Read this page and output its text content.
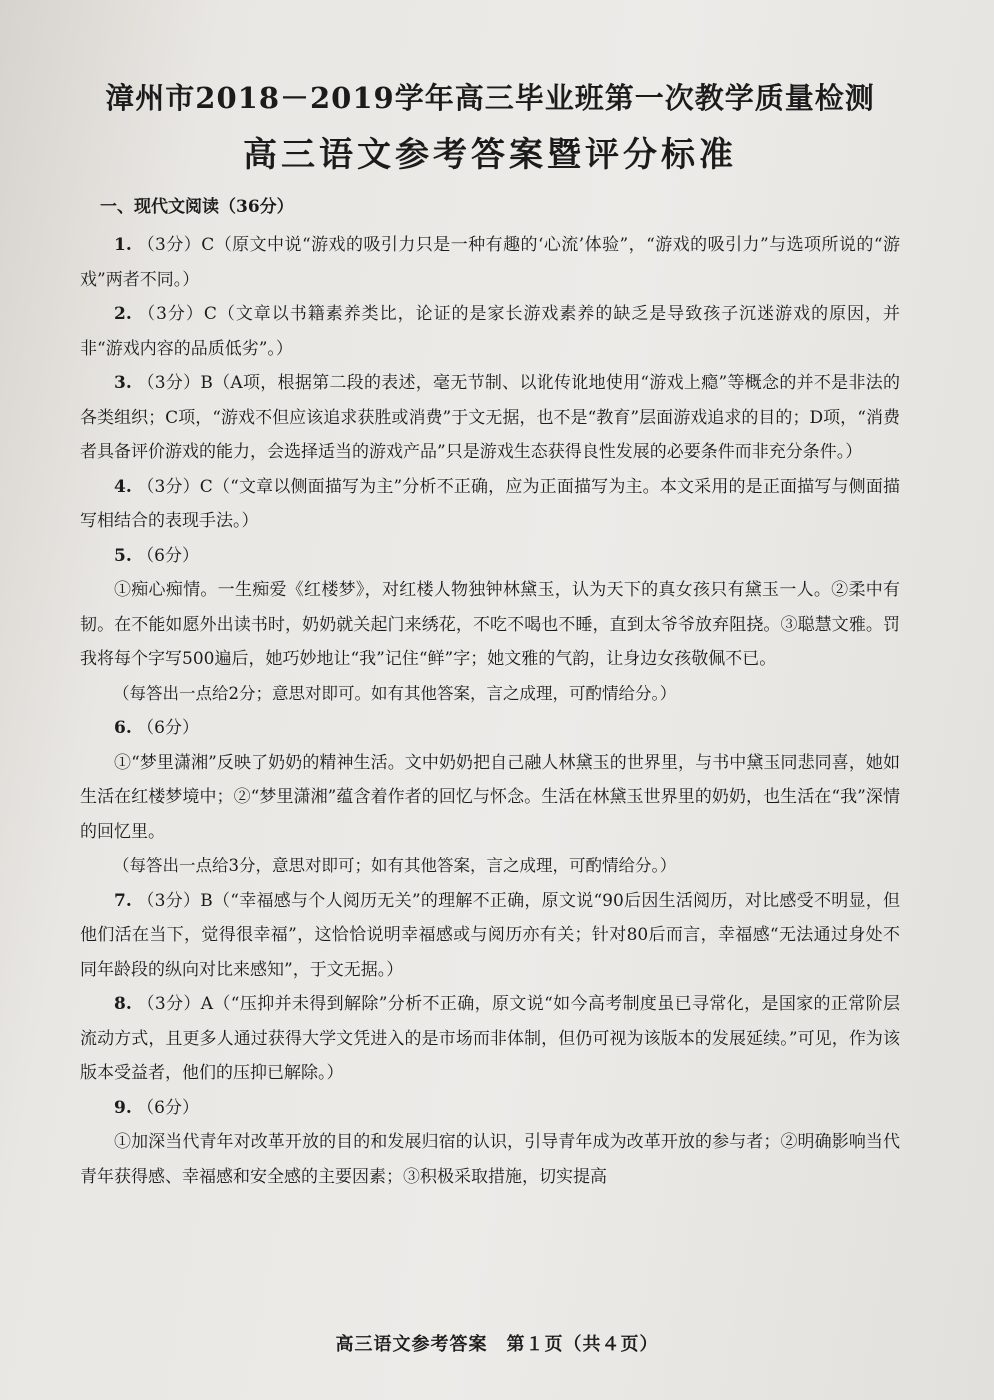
漳州市2018－2019学年高三毕业班第一次教学质量检测
高三语文参考答案暨评分标准
一、现代文阅读（36分）

1. （3分）C（原文中说“游戏的吸引力只是一种有趣的‘心流’体验”，“游戏的吸引力”与选项所说的“游戏”两者不同。）

2. （3分）C（文章以书籍素养类比，论证的是家长游戏素养的缺乏是导致孩子沉迷游戏的原因，并非“游戏内容的品质低劣”。）

3. （3分）B（A项，根据第二段的表述，毫无节制、以讹传讹地使用“游戏上瘾”等概念的并不是非法的各类组织；C项，“游戏不但应该追求获胜或消费”于文无据，也不是“教育”层面游戏追求的目的；D项，“消费者具备评价游戏的能力，会选择适当的游戏产品”只是游戏生态获得良性发展的必要条件而非充分条件。）

4. （3分）C（“文章以侧面描写为主”分析不正确，应为正面描写为主。本文采用的是正面描写与侧面描写相结合的表现手法。）

5. （6分）

①痴心痴情。一生痴爱《红楼梦》，对红楼人物独钟林黛玉，认为天下的真女孩只有黛玉一人。②柔中有韧。在不能如愿外出读书时，奶奶就关起门来绣花，不吃不喝也不睡，直到太爷爷放弃阻挠。③聪慧文雅。罚我将每个字写500遍后，她巧妙地让“我”记住“鲜”字；她文雅的气韵，让身边女孩敬佩不已。

（每答出一点给2分；意思对即可。如有其他答案，言之成理，可酌情给分。）

6. （6分）

①“梦里潇湘”反映了奶奶的精神生活。文中奶奶把自己融人林黛玉的世界里，与书中黛玉同悲同喜，她如生活在红楼梦境中；②“梦里潇湘”蕴含着作者的回忆与怀念。生活在林黛玉世界里的奶奶，也生活在“我”深情的回忆里。

（每答出一点给3分，意思对即可；如有其他答案，言之成理，可酌情给分。）

7. （3分）B（“幸福感与个人阅历无关”的理解不正确，原文说“90后因生活阅历，对比感受不明显，但他们活在当下，觉得很幸福”，这恰恰说明幸福感或与阅历亦有关；针对80后而言，幸福感“无法通过身处不同年龄段的纵向对比来感知”，于文无据。）

8. （3分）A（“压抑并未得到解除”分析不正确，原文说“如今高考制度虽已寻常化，是国家的正常阶层流动方式，且更多人通过获得大学文凭进入的是市场而非体制，但仍可视为该版本的发展延续。”可见，作为该版本受益者，他们的压抑已解除。）

9. （6分）

①加深当代青年对改革开放的目的和发展归宿的认识，引导青年成为改革开放的参与者；②明确影响当代青年获得感、幸福感和安全感的主要因素；③积极采取措施，切实提高

高三语文参考答案　第１页（共４页）
